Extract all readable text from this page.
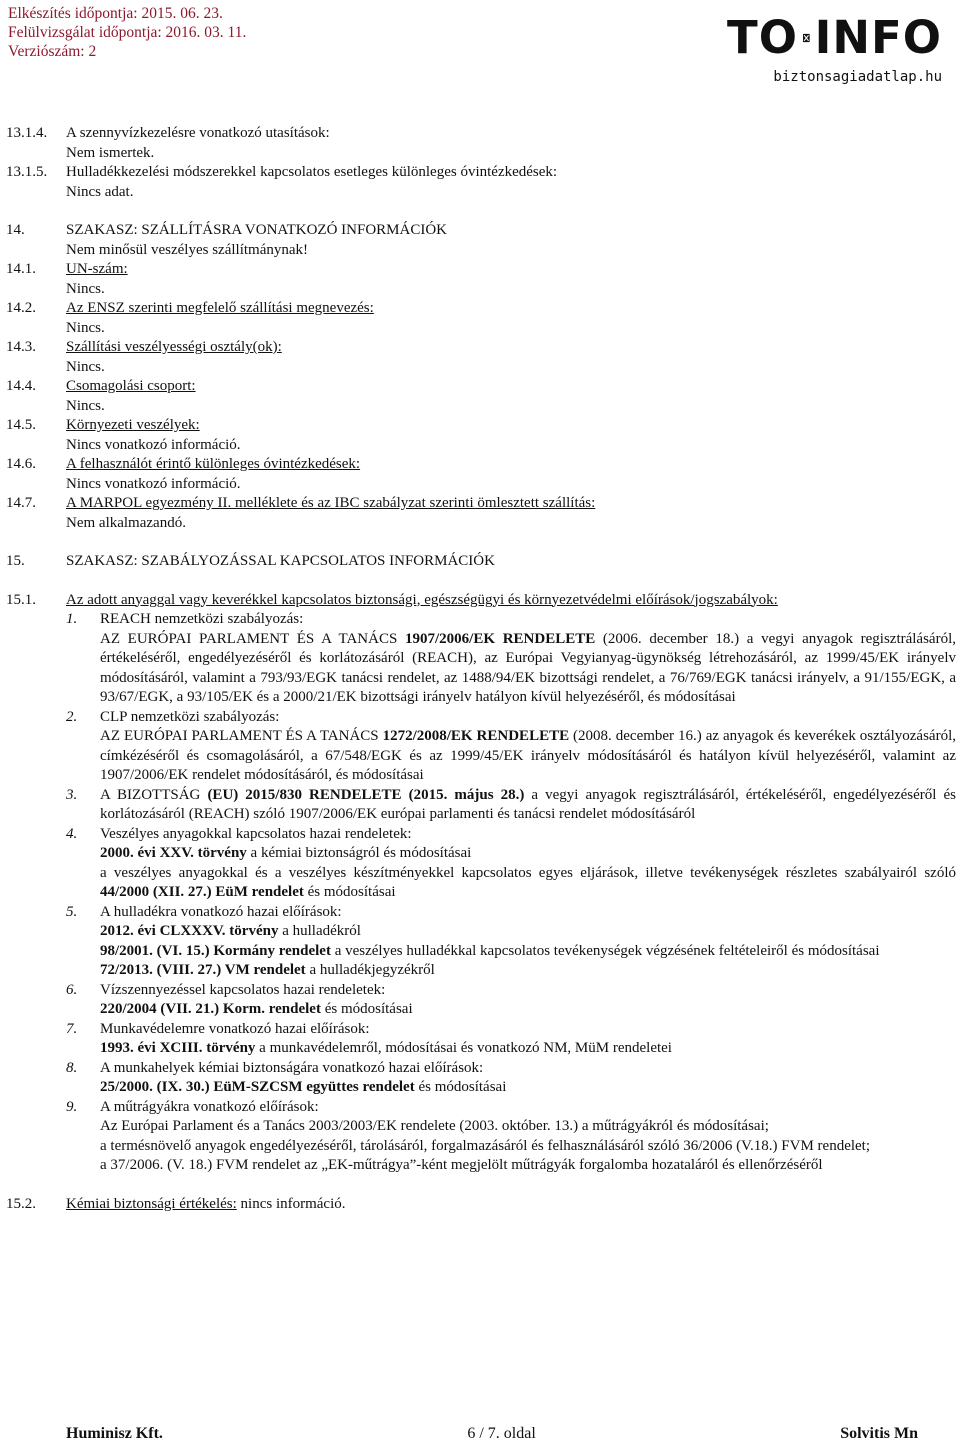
Elkészítés időpontja: 2015. 06. 23.
Felülvizsgálat időpontja: 2016. 03. 11.
Verziószám: 2	TO INFO
biztonsagiadatlap.hu
13.1.4.	A szennyvízkezelésre vonatkozó utasítások:
Nem ismertek.
13.1.5.	Hulladékkezelési módszerekkel kapcsolatos esetleges különleges óvintézkedések:
Nincs adat.
14.	SZAKASZ: SZÁLLÍTÁSRA VONATKOZÓ INFORMÁCIÓK
Nem minősül veszélyes szállítmánynak!
14.1.	UN-szám:
Nincs.
14.2.	Az ENSZ szerinti megfelelő szállítási megnevezés:
Nincs.
14.3.	Szállítási veszélyességi osztály(ok):
Nincs.
14.4.	Csomagolási csoport:
Nincs.
14.5.	Környezeti veszélyek:
Nincs vonatkozó információ.
14.6.	A felhasználót érintő különleges óvintézkedések:
Nincs vonatkozó információ.
14.7.	A MARPOL egyezmény II. melléklete és az IBC szabályzat szerinti ömlesztett szállítás:
Nem alkalmazandó.
15.	SZAKASZ: SZABÁLYOZÁSSAL KAPCSOLATOS INFORMÁCIÓK
15.1.	Az adott anyaggal vagy keverékkel kapcsolatos biztonsági, egészségügyi és környezetvédelmi előírások/jogszabályok:
1.	REACH nemzetközi szabályozás:
AZ EURÓPAI PARLAMENT ÉS A TANÁCS 1907/2006/EK RENDELETE (2006. december 18.) a vegyi anyagok regisztrálásáról, értékeléséről, engedélyezéséről és korlátozásáról (REACH), az Európai Vegyianyag-ügynökség létrehozásáról, az 1999/45/EK irányelv módosításáról, valamint a 793/93/EGK tanácsi rendelet, az 1488/94/EK bizottsági rendelet, a 76/769/EGK tanácsi irányelv, a 91/155/EGK, a 93/67/EGK, a 93/105/EK és a 2000/21/EK bizottsági irányelv hatályon kívül helyezéséről, és módosításai
2.	CLP nemzetközi szabályozás:
AZ EURÓPAI PARLAMENT ÉS A TANÁCS 1272/2008/EK RENDELETE (2008. december 16.) az anyagok és keverékek osztályozásáról, címkézéséről és csomagolásáról, a 67/548/EGK és az 1999/45/EK irányelv módosításáról és hatályon kívül helyezéséről, valamint az 1907/2006/EK rendelet módosításáról, és módosításai
3.	A BIZOTTSÁG (EU) 2015/830 RENDELETE (2015. május 28.) a vegyi anyagok regisztrálásáról, értékeléséről, engedélyezéséről és korlátozásáról (REACH) szóló 1907/2006/EK európai parlamenti és tanácsi rendelet módosításáról
4.	Veszélyes anyagokkal kapcsolatos hazai rendeletek:
2000. évi XXV. törvény a kémiai biztonságról és módosításai
a veszélyes anyagokkal és a veszélyes készítményekkel kapcsolatos egyes eljárások, illetve tevékenységek részletes szabályairól szóló 44/2000 (XII. 27.) EüM rendelet és módosításai
5.	A hulladékra vonatkozó hazai előírások:
2012. évi CLXXXV. törvény a hulladékról
98/2001. (VI. 15.) Kormány rendelet a veszélyes hulladékkal kapcsolatos tevékenységek végzésének feltételeiről és módosításai
72/2013. (VIII. 27.) VM rendelet a hulladékjegyzékről
6.	Vízszennyezéssel kapcsolatos hazai rendeletek:
220/2004 (VII. 21.) Korm. rendelet és módosításai
7.	Munkavédelemre vonatkozó hazai előírások:
1993. évi XCIII. törvény a munkavédelemről, módosításai és vonatkozó NM, MüM rendeletei
8.	A munkahelyek kémiai biztonságára vonatkozó hazai előírások:
25/2000. (IX. 30.) EüM-SZCSM együttes rendelet és módosításai
9.	A műtrágyákra vonatkozó előírások:
Az Európai Parlament és a Tanács 2003/2003/EK rendelete (2003. október. 13.) a műtrágyákról és módosításai;
a termésnövelő anyagok engedélyezéséről, tárolásáról, forgalmazásáról és felhasználásáról szóló 36/2006 (V.18.) FVM rendelet;
a 37/2006. (V. 18.) FVM rendelet az „EK-műtrágya”-ként megjelölt műtrágyák forgalomba hozataláról és ellenőrzéséről
15.2.	Kémiai biztonsági értékelés: nincs információ.
Huminisz Kft.	6 / 7. oldal	Solvitis Mn
